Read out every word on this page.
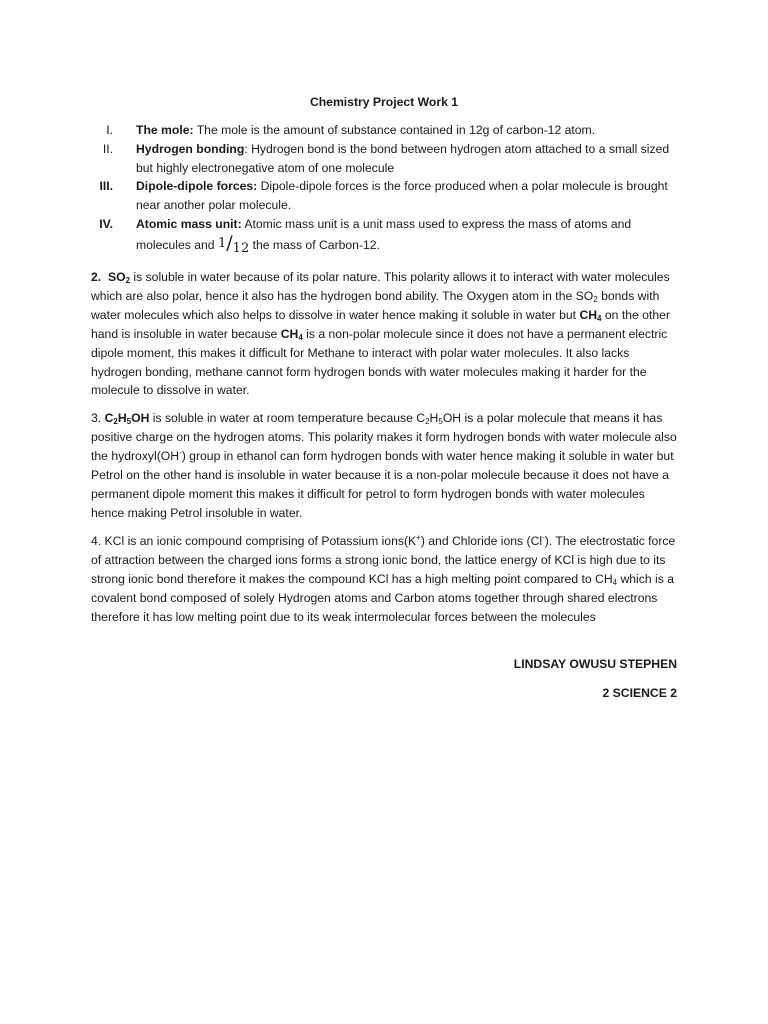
Chemistry Project Work 1
I. The mole: The mole is the amount of substance contained in 12g of carbon-12 atom.
II. Hydrogen bonding: Hydrogen bond is the bond between hydrogen atom attached to a small sized but highly electronegative atom of one molecule
III. Dipole-dipole forces: Dipole-dipole forces is the force produced when a polar molecule is brought near another polar molecule.
IV. Atomic mass unit: Atomic mass unit is a unit mass used to express the mass of atoms and molecules and $^1/_{12}$ the mass of Carbon-12.
2. SO2 is soluble in water because of its polar nature. This polarity allows it to interact with water molecules which are also polar, hence it also has the hydrogen bond ability. The Oxygen atom in the SO2 bonds with water molecules which also helps to dissolve in water hence making it soluble in water but CH4 on the other hand is insoluble in water because CH4 is a non-polar molecule since it does not have a permanent electric dipole moment, this makes it difficult for Methane to interact with polar water molecules. It also lacks hydrogen bonding, methane cannot form hydrogen bonds with water molecules making it harder for the molecule to dissolve in water.
3. C2H5OH is soluble in water at room temperature because C2H5OH is a polar molecule that means it has positive charge on the hydrogen atoms. This polarity makes it form hydrogen bonds with water molecule also the hydroxyl(OH-) group in ethanol can form hydrogen bonds with water hence making it soluble in water but Petrol on the other hand is insoluble in water because it is a non-polar molecule because it does not have a permanent dipole moment this makes it difficult for petrol to form hydrogen bonds with water molecules hence making Petrol insoluble in water.
4. KCl is an ionic compound comprising of Potassium ions(K+) and Chloride ions (Cl-). The electrostatic force of attraction between the charged ions forms a strong ionic bond, the lattice energy of KCl is high due to its strong ionic bond therefore it makes the compound KCl has a high melting point compared to CH4 which is a covalent bond composed of solely Hydrogen atoms and Carbon atoms together through shared electrons therefore it has low melting point due to its weak intermolecular forces between the molecules
LINDSAY OWUSU STEPHEN
2 SCIENCE 2
